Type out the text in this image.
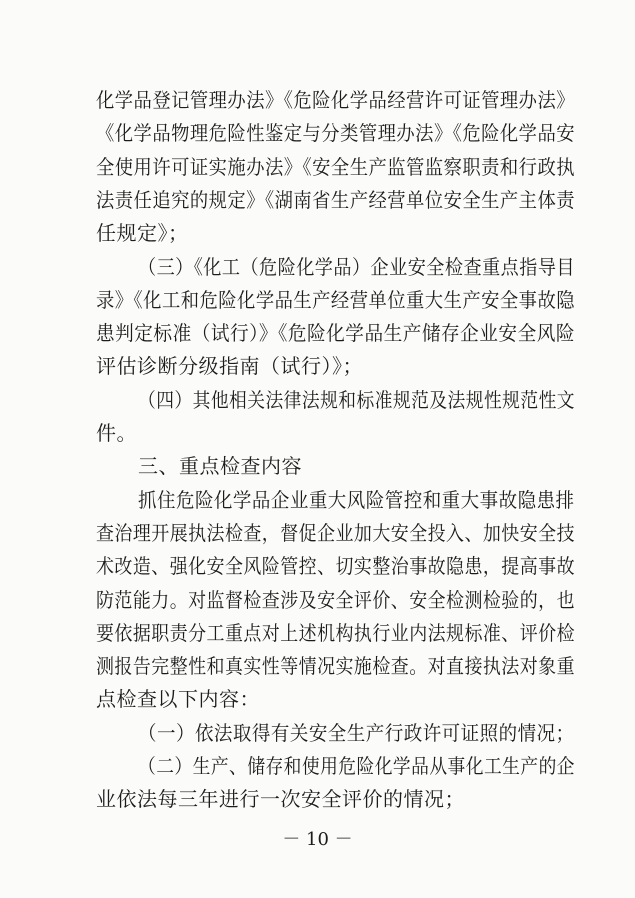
化学品登记管理办法》《危险化学品经营许可证管理办法》
《化学品物理危险性鉴定与分类管理办法》《危险化学品安
全使用许可证实施办法》《安全生产监管监察职责和行政执
法责任追究的规定》《湖南省生产经营单位安全生产主体责
任规定》；
（三）《化工（危险化学品）企业安全检查重点指导目
录》《化工和危险化学品生产经营单位重大生产安全事故隐
患判定标准（试行）》《危险化学品生产储存企业安全风险
评估诊断分级指南（试行）》；
（四）其他相关法律法规和标准规范及法规性规范性文
件。
三、重点检查内容
抓住危险化学品企业重大风险管控和重大事故隐患排
查治理开展执法检查，督促企业加大安全投入、加快安全技
术改造、强化安全风险管控、切实整治事故隐患，提高事故
防范能力。对监督检查涉及安全评价、安全检测检验的，也
要依据职责分工重点对上述机构执行业内法规标准、评价检
测报告完整性和真实性等情况实施检查。对直接执法对象重
点检查以下内容：
（一）依法取得有关安全生产行政许可证照的情况；
（二）生产、储存和使用危险化学品从事化工生产的企
业依法每三年进行一次安全评价的情况；
－ 10 －
